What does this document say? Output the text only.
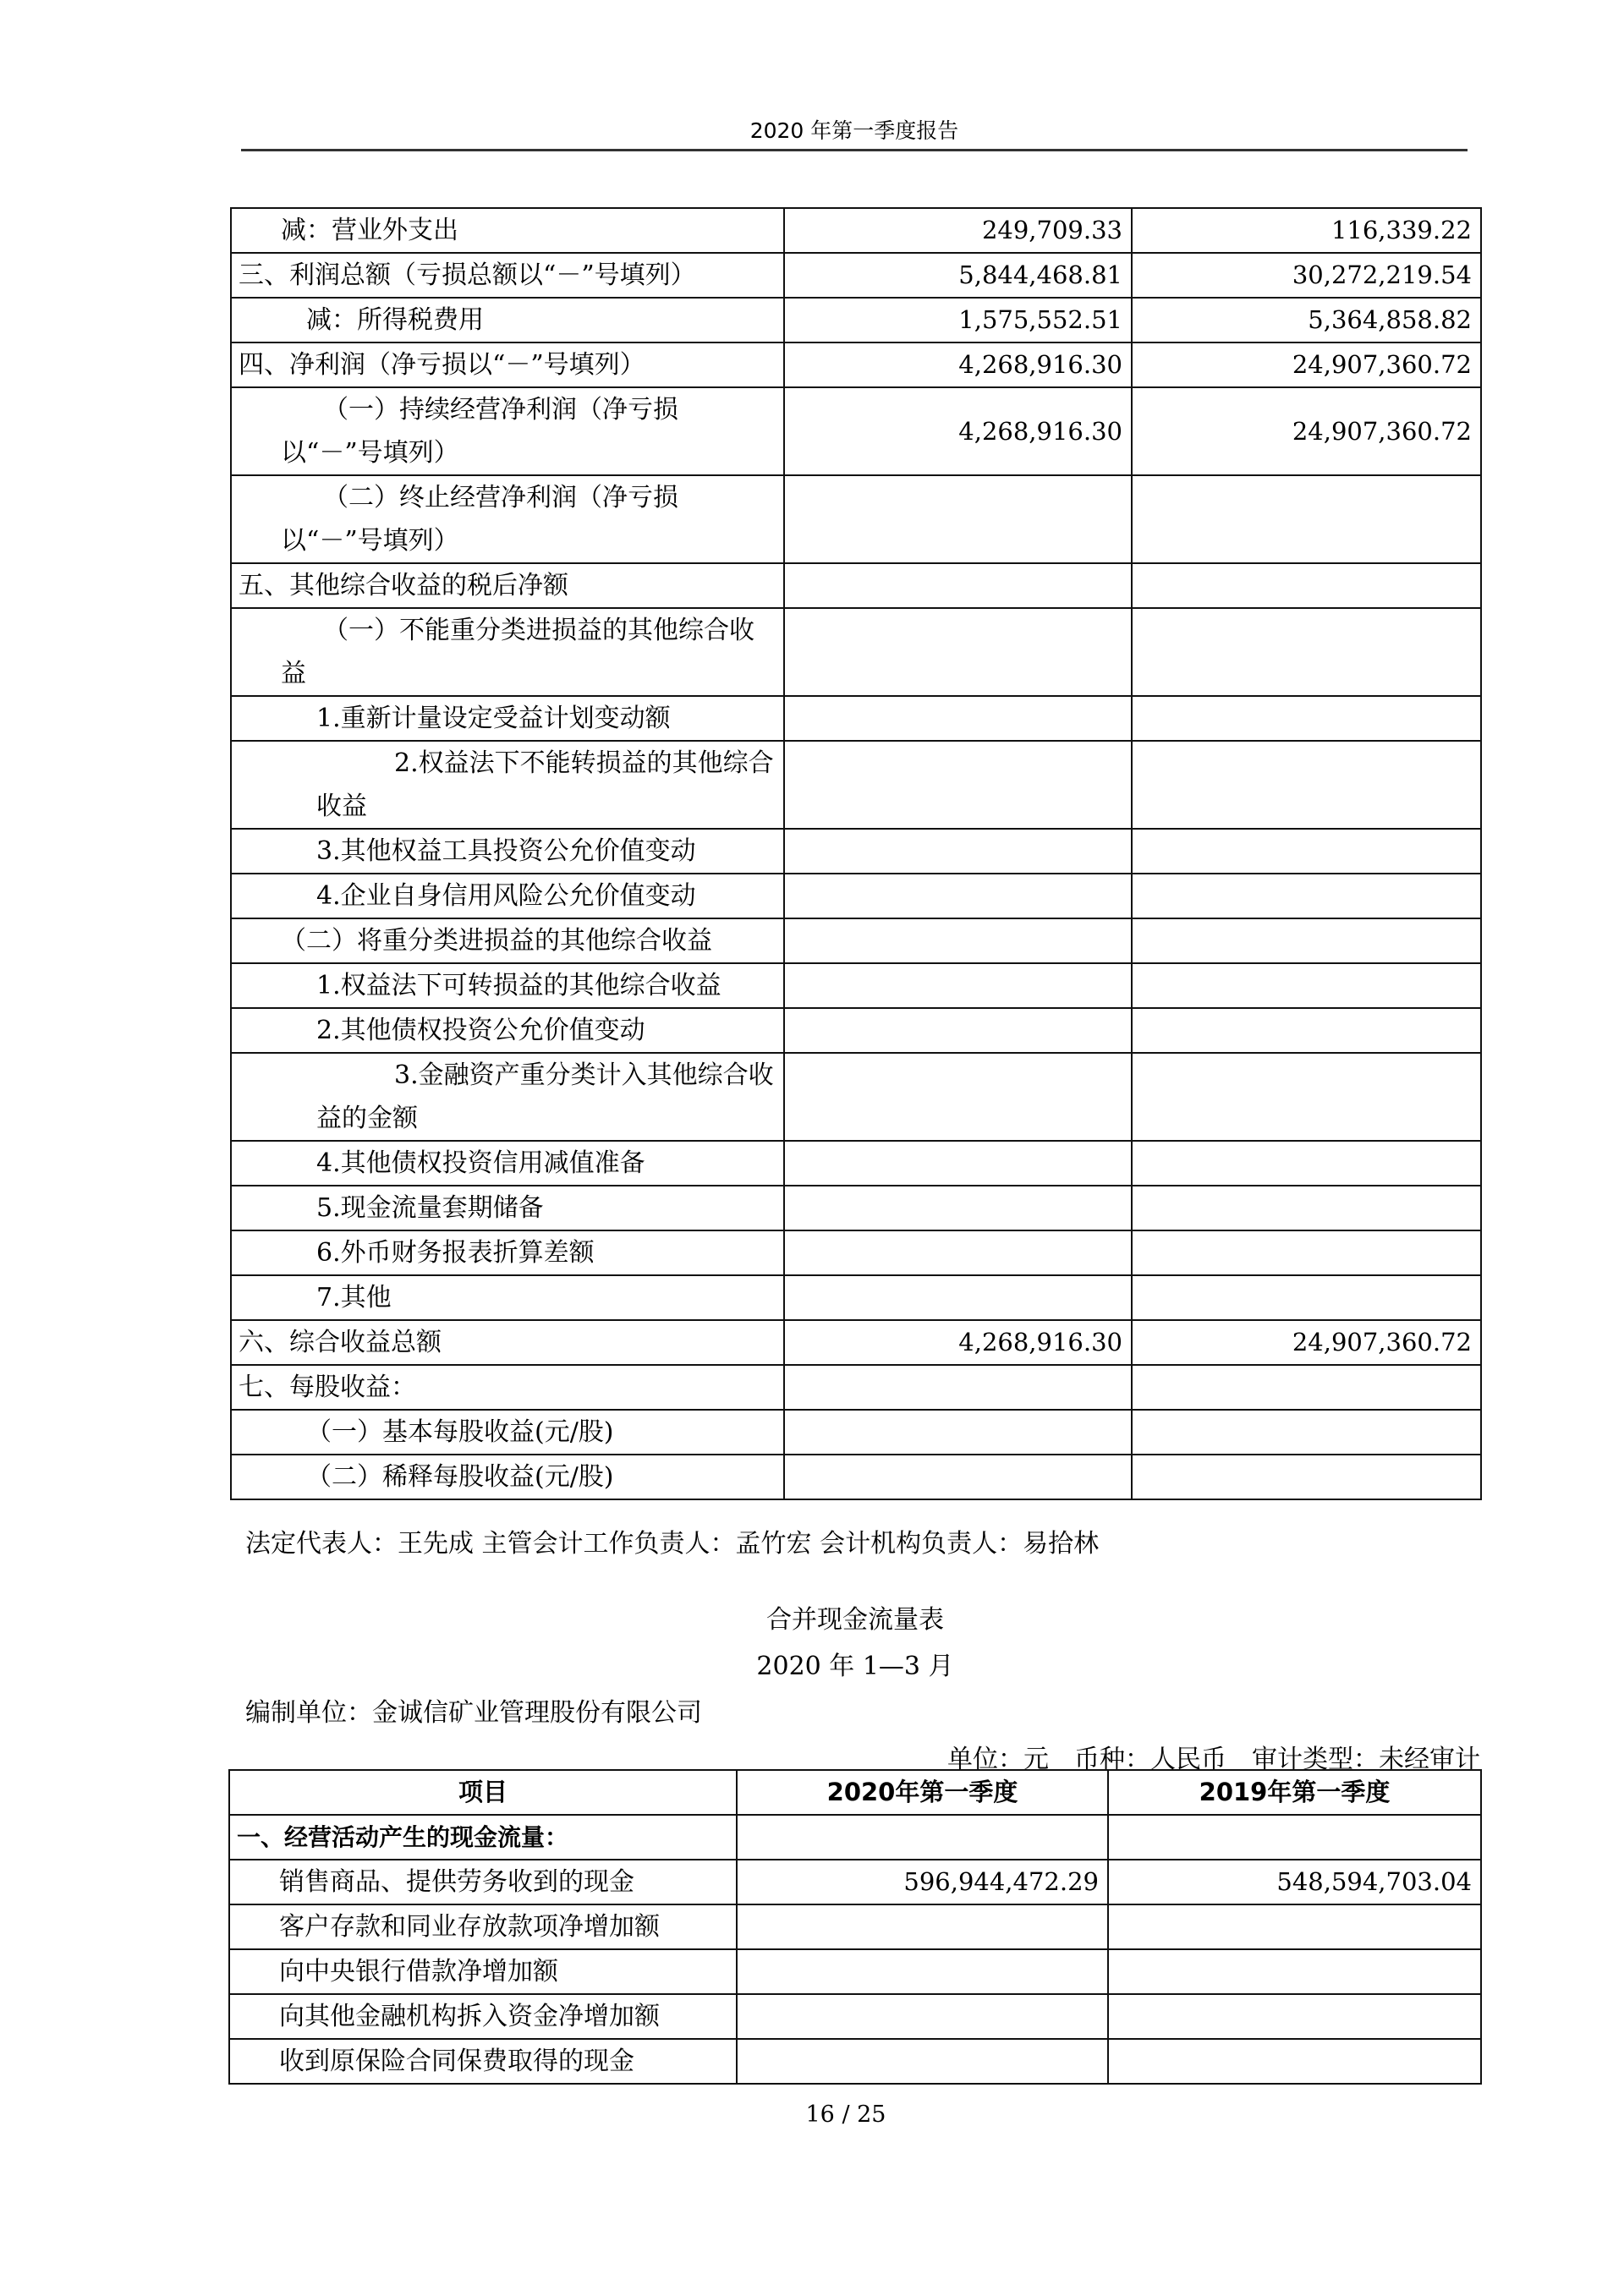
2020 年第一季度报告
减：营业外支出	249,709.33	116,339.22
三、利润总额（亏损总额以“－”号填列）	5,844,468.81	30,272,219.54
减：所得税费用	1,575,552.51	5,364,858.82
四、净利润（净亏损以“－”号填列）	4,268,916.30	24,907,360.72
（一）持续经营净利润（净亏损以“－”号填列）	4,268,916.30	24,907,360.72
（二）终止经营净利润（净亏损以“－”号填列）		
五、其他综合收益的税后净额		
（一）不能重分类进损益的其他综合收益		
1.重新计量设定受益计划变动额		
2.权益法下不能转损益的其他综合收益		
3.其他权益工具投资公允价值变动		
4.企业自身信用风险公允价值变动		
（二）将重分类进损益的其他综合收益		
1.权益法下可转损益的其他综合收益		
2.其他债权投资公允价值变动		
3.金融资产重分类计入其他综合收益的金额		
4.其他债权投资信用减值准备		
5.现金流量套期储备		
6.外币财务报表折算差额		
7.其他		
六、综合收益总额	4,268,916.30	24,907,360.72
七、每股收益：		
（一）基本每股收益(元/股)		
（二）稀释每股收益(元/股)		
法定代表人：王先成 主管会计工作负责人：孟竹宏 会计机构负责人：易拾林
合并现金流量表
2020 年 1—3 月
编制单位：金诚信矿业管理股份有限公司
单位：元　币种：人民币　审计类型：未经审计
项目	2020年第一季度	2019年第一季度
一、经营活动产生的现金流量：		
销售商品、提供劳务收到的现金	596,944,472.29	548,594,703.04
客户存款和同业存放款项净增加额		
向中央银行借款净增加额		
向其他金融机构拆入资金净增加额		
收到原保险合同保费取得的现金		
16 / 25
